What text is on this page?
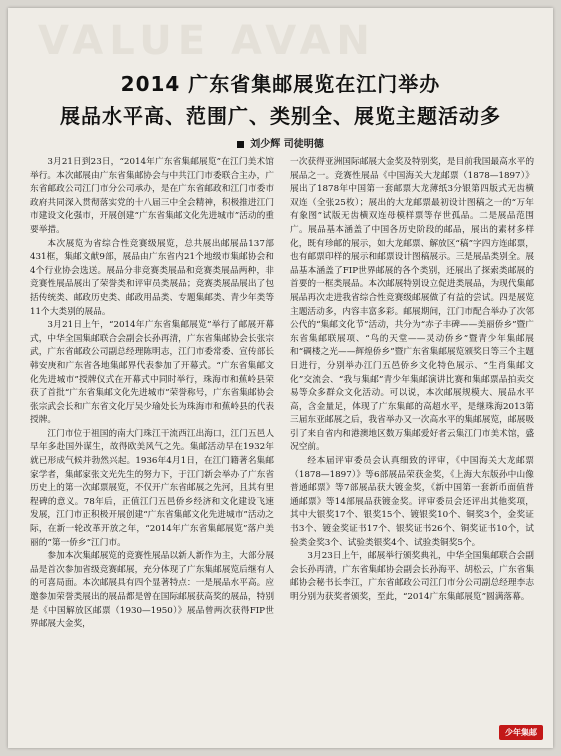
VALUE AVAN
2014 广东省集邮展览在江门举办
展品水平高、范围广、类别全、展览主题活动多
刘少辉 司徒明德

3月21日到23日，“2014年广东省集邮展览”在江门美术馆举行。本次邮展由广东省集邮协会与中共江门市委联合主办，广东省邮政公司江门市分公司承办，是在广东省邮政和江门市委市政府共同深入贯彻落实党的十八届三中全会精神，积极推进江门市建设文化强市，开展创建“广东省集邮文化先进城市”活动的重要举措。

本次展览为省综合性竞赛级展览，总共展出邮展品137部431框，集邮文献9部，展品由广东省内21个地级市集邮协会和4个行业协会选送。展品分非竞赛类展品和竞赛类展品两种，非竞赛性展品展出了荣誉类和评审员类展品；竞赛类展品展出了包括传统类、邮政历史类、邮政用品类、专题集邮类、青少年类等11个大类别的展品。

3月21日上午，“2014年广东省集邮展览”举行了邮展开幕式，中华全国集邮联合会副会长孙再清，广东省集邮协会长张宗武，广东省邮政公司副总经理陈明志，江门市委常委、宣传部长韩安庚和广东省各地集邮界代表参加了开幕式。“广东省集邮文化先进城市”授牌仪式在开幕式中同时举行，珠海市和蕉岭县荣获了首批“广东省集邮文化先进城市”荣誉称号，广东省集邮协会张宗武会长和广东省文化厅吴少瑜处长为珠海市和蕉岭县的代表授牌。

江门市位于祖国的南大门珠江干流西江出海口，江门五邑人早年多赴国外谋生，故得欧美风气之先。集邮活动早在1932年就已形成气候并勃然兴起。1936年4月1日，在江门籍著名集邮家学者，集邮家张文光先生的努力下，于江门新会举办了广东省历史上的第一次邮票展览，不仅开广东省邮展之先河，且其有里程碑的意义。78年后，正值江门五邑侨乡经济和文化建设飞速发展，江门市正积极开展创建“广东省集邮文化先进城市”活动之际，在新一轮改革开放之年，“2014年广东省集邮展览”落户美丽的“第一侨乡”江门市。

参加本次集邮展览的竞赛性展品以新人新作为主，大部分展品是首次参加省级竞赛邮展，充分体现了广东集邮展览后继有人的可喜局面。本次邮展具有四个显著特点：一是展品水平高。应邀参加荣誉类展出的展品都是曾在国际邮展获高奖的展品，特别是《中国解放区邮票（1930—1950）》展品曾两次获得FIP世界邮展大金奖，

一次获得亚洲国际邮展大金奖及特别奖，是目前我国最高水平的展品之一。竞赛性展品《中国海关大龙邮票（1878—1897）》展出了1878年中国第一套邮票大龙薄纸3分银第四版式无齿横双连（全张25枚）；展出的大龙邮票最初设计图稿之一的“万年有象图”试版无齿横双连母模样票等存世孤品。二是展品范围广。展品基本涵盖了中国各历史阶段的邮品，展出的素材多样化，既有珍邮的展示，如大龙邮票、解放区“稿”字四方连邮票，也有邮票印样的展示和邮票设计图稿展示。三是展品类别全。展品基本涵盖了FIP世界邮展的各个类别，还展出了探索类邮展的首要的一框类展品。本次邮展特别设立促进类展品，为现代集邮展品再次走进我省综合性竞赛级邮展做了有益的尝试。四是展览主题活动多，内容丰富多彩。邮展期间，江门市配合举办了次邻公代的“集邮文化节”活动，共分为“赤子丰碑——美丽侨乡”暨广东省集邮联展项、“鸟的天堂——灵动侨乡”暨青少年集邮展和“碉楼之光——辉煌侨乡”暨广东省集邮展览颁奖日等三个主题日进行，分别举办江门五邑侨乡文化特色展示、“生肖集邮文化”交流会、“我与集邮”青少年集邮演讲比赛和集邮票品拍卖交易等众多群众文化活动。可以说，本次邮展规模大、展品水平高，含金量足，体现了广东集邮的高超水平，是继珠海2013第三届东亚邮展之后，我省举办又一次高水平的集邮展览，邮展吸引了来自省内和港澳地区数万集邮爱好者云集江门市美术馆，盛况空前。

经本届评审委员会认真细致的评审，《中国海关大龙邮票（1878—1897）》等6部展品荣获金奖，《上海大东版孙中山像普通邮票》等7部展品获大镀金奖，《新中国第一套新币面值普通邮票》等14部展品获镀金奖。评审委员会还评出其他奖项，其中大银奖17个、银奖15个、镀银奖10个、铜奖3个，金奖证书3个、镀金奖证书17个、银奖证书26个、铜奖证书10个，试验类金奖3个、试验类银奖4个、试验类铜奖5个。

3月23日上午，邮展举行颁奖典礼，中华全国集邮联合会副会长孙再清，广东省集邮协会副会长孙海平、胡松云，广东省集邮协会秘书长李江，广东省邮政公司江门市分公司副总经理李志明分别为获奖者颁奖，至此，“2014广东集邮展览”圆满落幕。

少年集邮
